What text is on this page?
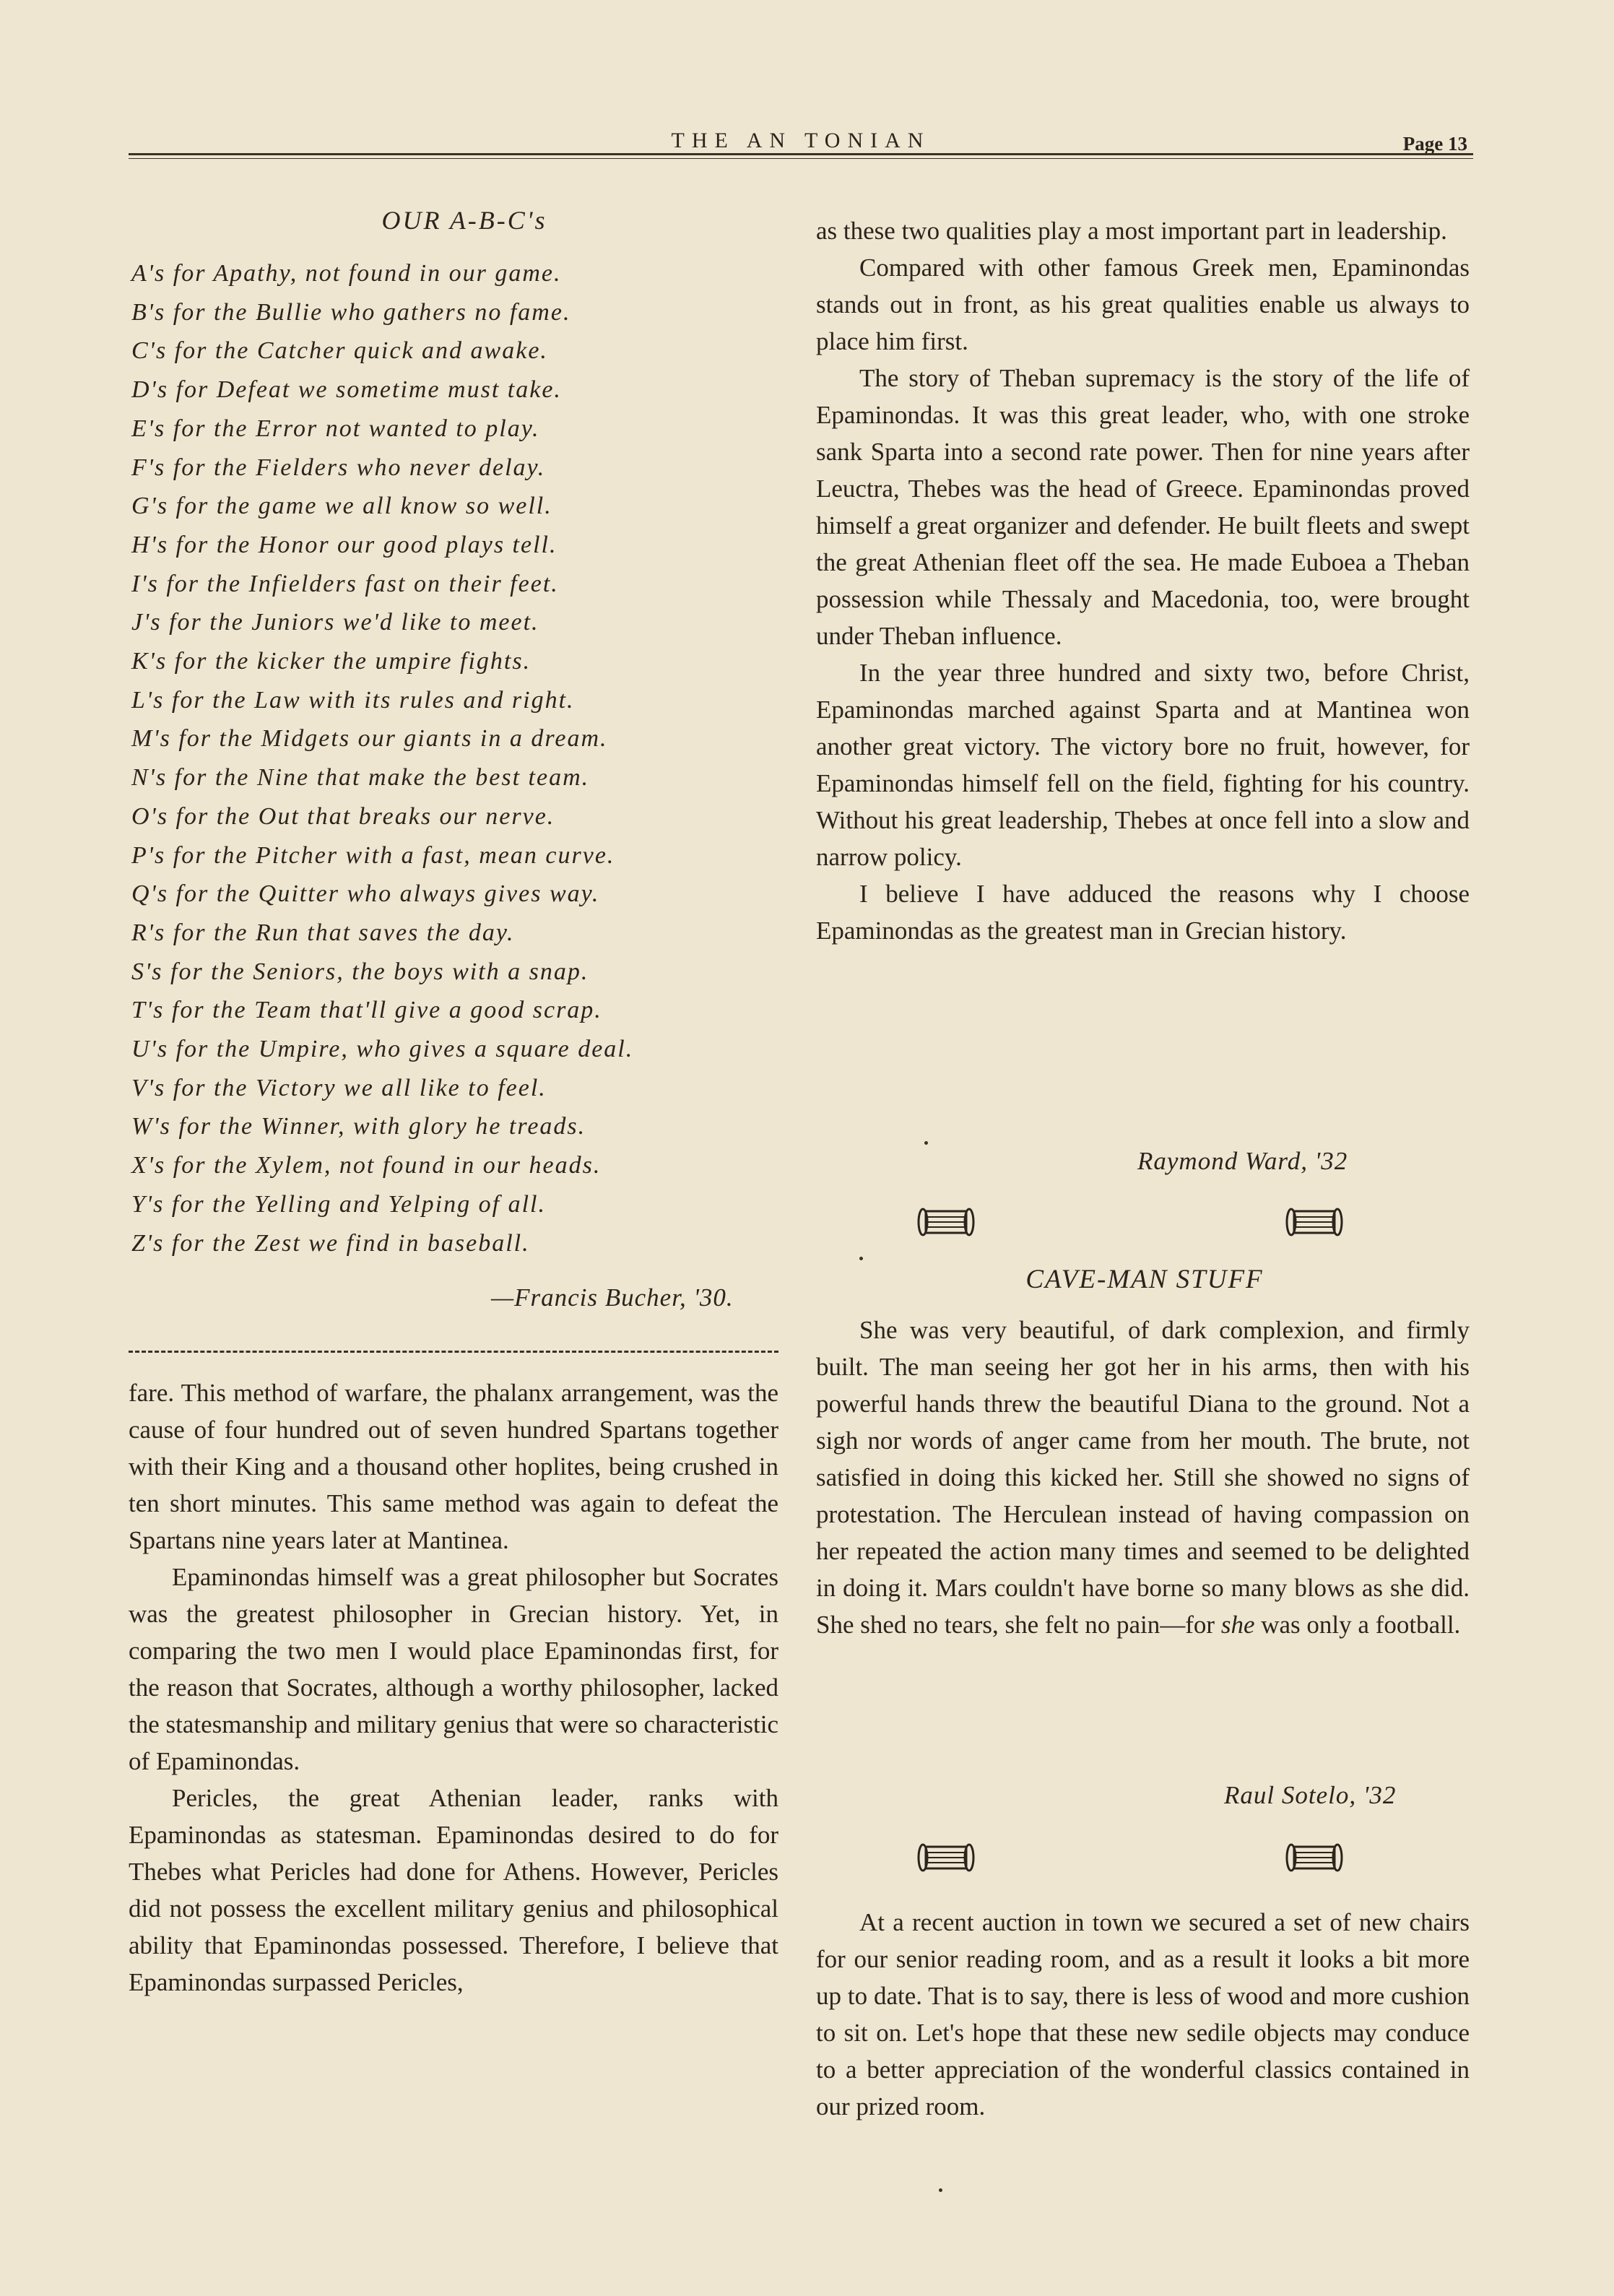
THE AN TONIAN	Page 13
OUR A-B-C's
A's for Apathy, not found in our game.
B's for the Bullie who gathers no fame.
C's for the Catcher quick and awake.
D's for Defeat we sometime must take.
E's for the Error not wanted to play.
F's for the Fielders who never delay.
G's for the game we all know so well.
H's for the Honor our good plays tell.
I's for the Infielders fast on their feet.
J's for the Juniors we'd like to meet.
K's for the kicker the umpire fights.
L's for the Law with its rules and right.
M's for the Midgets our giants in a dream.
N's for the Nine that make the best team.
O's for the Out that breaks our nerve.
P's for the Pitcher with a fast, mean curve.
Q's for the Quitter who always gives way.
R's for the Run that saves the day.
S's for the Seniors, the boys with a snap.
T's for the Team that'll give a good scrap.
U's for the Umpire, who gives a square deal.
V's for the Victory we all like to feel.
W's for the Winner, with glory he treads.
X's for the Xylem, not found in our heads.
Y's for the Yelling and Yelping of all.
Z's for the Zest we find in baseball.
—Francis Bucher, '30.

fare. This method of warfare, the phalanx arrangement, was the cause of four hundred out of seven hundred Spartans together with their King and a thousand other hoplites, being crushed in ten short minutes. This same method was again to defeat the Spartans nine years later at Mantinea.

Epaminondas himself was a great philosopher but Socrates was the greatest philosopher in Grecian history. Yet, in comparing the two men I would place Epaminondas first, for the reason that Socrates, although a worthy philosopher, lacked the statesmanship and military genius that were so characteristic of Epaminondas.

Pericles, the great Athenian leader, ranks with Epaminondas as statesman. Epaminondas desired to do for Thebes what Pericles had done for Athens. However, Pericles did not possess the excellent military genius and philosophical ability that Epaminondas possessed. Therefore, I believe that Epaminondas surpassed Pericles,

as these two qualities play a most important part in leadership.

Compared with other famous Greek men, Epaminondas stands out in front, as his great qualities enable us always to place him first.

The story of Theban supremacy is the story of the life of Epaminondas. It was this great leader, who, with one stroke sank Sparta into a second rate power. Then for nine years after Leuctra, Thebes was the head of Greece. Epaminondas proved himself a great organizer and defender. He built fleets and swept the great Athenian fleet off the sea. He made Euboea a Theban possession while Thessaly and Macedonia, too, were brought under Theban influence.

In the year three hundred and sixty two, before Christ, Epaminondas marched against Sparta and at Mantinea won another great victory. The victory bore no fruit, however, for Epaminondas himself fell on the field, fighting for his country. Without his great leadership, Thebes at once fell into a slow and narrow policy.

I believe I have adduced the reasons why I choose Epaminondas as the greatest man in Grecian history.

Raymond Ward, '32
CAVE-MAN STUFF

She was very beautiful, of dark complexion, and firmly built. The man seeing her got her in his arms, then with his powerful hands threw the beautiful Diana to the ground. Not a sigh nor words of anger came from her mouth. The brute, not satisfied in doing this kicked her. Still she showed no signs of protestation. The Herculean instead of having compassion on her repeated the action many times and seemed to be delighted in doing it. Mars couldn't have borne so many blows as she did. She shed no tears, she felt no pain—for she was only a football.

Raul Sotelo, '32

At a recent auction in town we secured a set of new chairs for our senior reading room, and as a result it looks a bit more up to date. That is to say, there is less of wood and more cushion to sit on. Let's hope that these new sedile objects may conduce to a better appreciation of the wonderful classics contained in our prized room.
